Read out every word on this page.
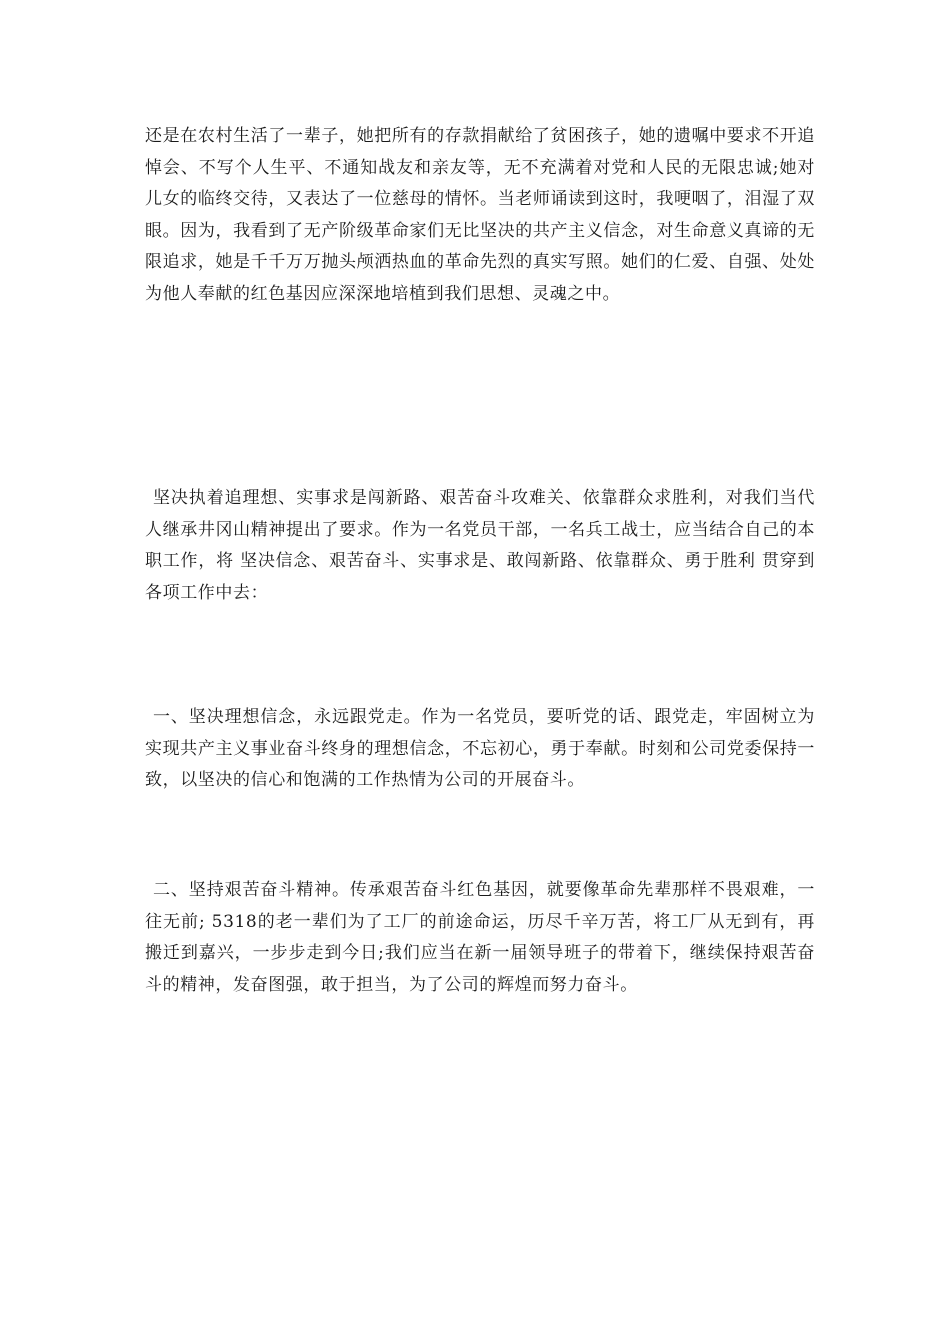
还是在农村生活了一辈子，她把所有的存款捐献给了贫困孩子，她的遗嘱中要求不开追悼会、不写个人生平、不通知战友和亲友等，无不充满着对党和人民的无限忠诚;她对儿女的临终交待，又表达了一位慈母的情怀。当老师诵读到这时，我哽咽了，泪湿了双眼。因为，我看到了无产阶级革命家们无比坚决的共产主义信念，对生命意义真谛的无限追求，她是千千万万抛头颅洒热血的革命先烈的真实写照。她们的仁爱、自强、处处为他人奉献的红色基因应深深地培植到我们思想、灵魂之中。

坚决执着追理想、实事求是闯新路、艰苦奋斗攻难关、依靠群众求胜利，对我们当代人继承井冈山精神提出了要求。作为一名党员干部，一名兵工战士，应当结合自己的本职工作，将 坚决信念、艰苦奋斗、实事求是、敢闯新路、依靠群众、勇于胜利 贯穿到各项工作中去：

一、坚决理想信念，永远跟党走。作为一名党员，要听党的话、跟党走，牢固树立为实现共产主义事业奋斗终身的理想信念，不忘初心，勇于奉献。时刻和公司党委保持一致，以坚决的信心和饱满的工作热情为公司的开展奋斗。

二、坚持艰苦奋斗精神。传承艰苦奋斗红色基因，就要像革命先辈那样不畏艰难，一往无前; 5318的老一辈们为了工厂的前途命运，历尽千辛万苦，将工厂从无到有，再搬迁到嘉兴，一步步走到今日;我们应当在新一届领导班子的带着下，继续保持艰苦奋斗的精神，发奋图强，敢于担当，为了公司的辉煌而努力奋斗。
